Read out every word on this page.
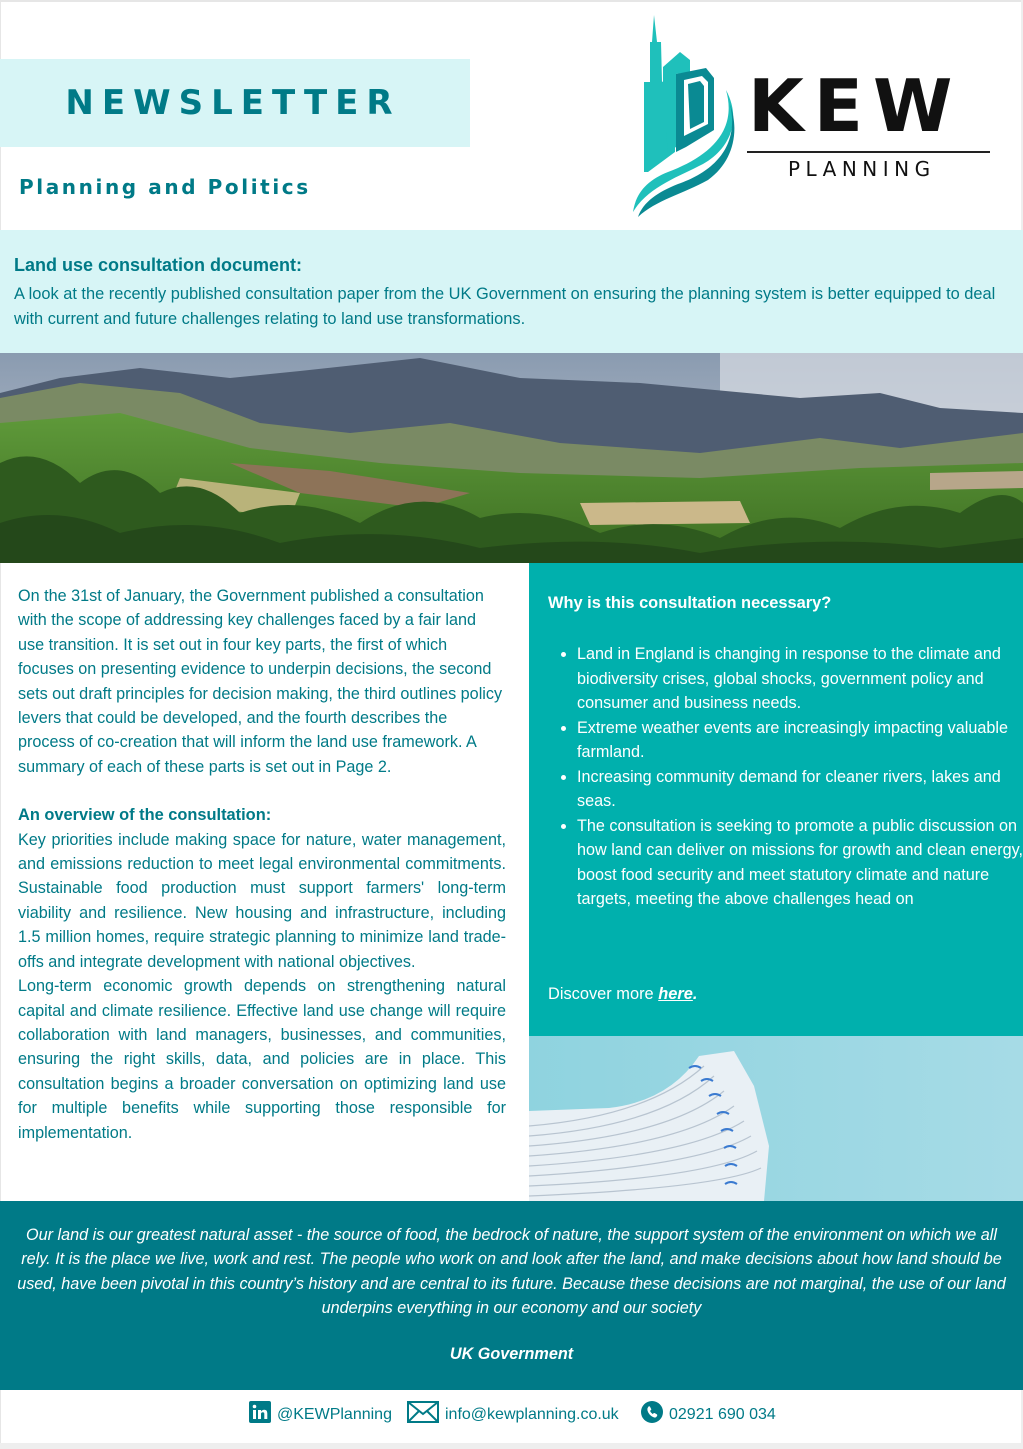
NEWSLETTER
Planning and Politics
KEW
PLANNING
Land use consultation document:
A look at the recently published consultation paper from the UK Government on ensuring the planning system is better equipped to deal with current and future challenges relating to land use transformations.

On the 31st of January, the Government published a consultation with the scope of addressing key challenges faced by a fair land use transition. It is set out in four key parts, the first of which focuses on presenting evidence to underpin decisions, the second sets out draft principles for decision making, the third outlines policy levers that could be developed, and the fourth describes the process of co-creation that will inform the land use framework. A summary of each of these parts is set out in Page 2.

An overview of the consultation:

Key priorities include making space for nature, water management, and emissions reduction to meet legal environmental commitments. Sustainable food production must support farmers' long-term viability and resilience. New housing and infrastructure, including 1.5 million homes, require strategic planning to minimize land trade-offs and integrate development with national objectives.

Long-term economic growth depends on strengthening natural capital and climate resilience. Effective land use change will require collaboration with land managers, businesses, and communities, ensuring the right skills, data, and policies are in place. This consultation begins a broader conversation on optimizing land use for multiple benefits while supporting those responsible for implementation.

Why is this consultation necessary?
• Land in England is changing in response to the climate and biodiversity crises, global shocks, government policy and consumer and business needs.
• Extreme weather events are increasingly impacting valuable farmland.
• Increasing community demand for cleaner rivers, lakes and seas.
• The consultation is seeking to promote a public discussion on how land can deliver on missions for growth and clean energy, boost food security and meet statutory climate and nature targets, meeting the above challenges head on
Discover more here.
Our land is our greatest natural asset - the source of food, the bedrock of nature, the support system of the environment on which we all rely. It is the place we live, work and rest. The people who work on and look after the land, and make decisions about how land should be used, have been pivotal in this country’s history and are central to its future. Because these decisions are not marginal, the use of our land underpins everything in our economy and our society
UK Government
@KEWPlanning	info@kewplanning.co.uk	02921 690 034
